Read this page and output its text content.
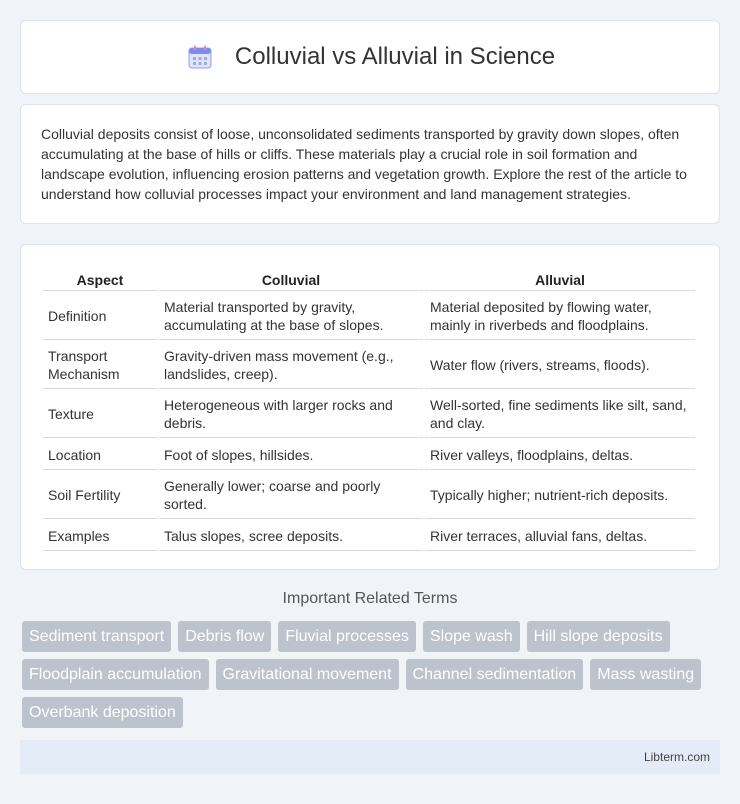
Colluvial vs Alluvial in Science

Colluvial deposits consist of loose, unconsolidated sediments transported by gravity down slopes, often accumulating at the base of hills or cliffs. These materials play a crucial role in soil formation and landscape evolution, influencing erosion patterns and vegetation growth. Explore the rest of the article to understand how colluvial processes impact your environment and land management strategies.

Aspect	Colluvial	Alluvial
Definition	Material transported by gravity, accumulating at the base of slopes.	Material deposited by flowing water, mainly in riverbeds and floodplains.
Transport Mechanism	Gravity-driven mass movement (e.g., landslides, creep).	Water flow (rivers, streams, floods).
Texture	Heterogeneous with larger rocks and debris.	Well-sorted, fine sediments like silt, sand, and clay.
Location	Foot of slopes, hillsides.	River valleys, floodplains, deltas.
Soil Fertility	Generally lower; coarse and poorly sorted.	Typically higher; nutrient-rich deposits.
Examples	Talus slopes, scree deposits.	River terraces, alluvial fans, deltas.
Important Related Terms
Sediment transport	Debris flow	Fluvial processes	Slope wash	Hill slope deposits
Floodplain accumulation	Gravitational movement	Channel sedimentation	Mass wasting
Overbank deposition
Libterm.com
